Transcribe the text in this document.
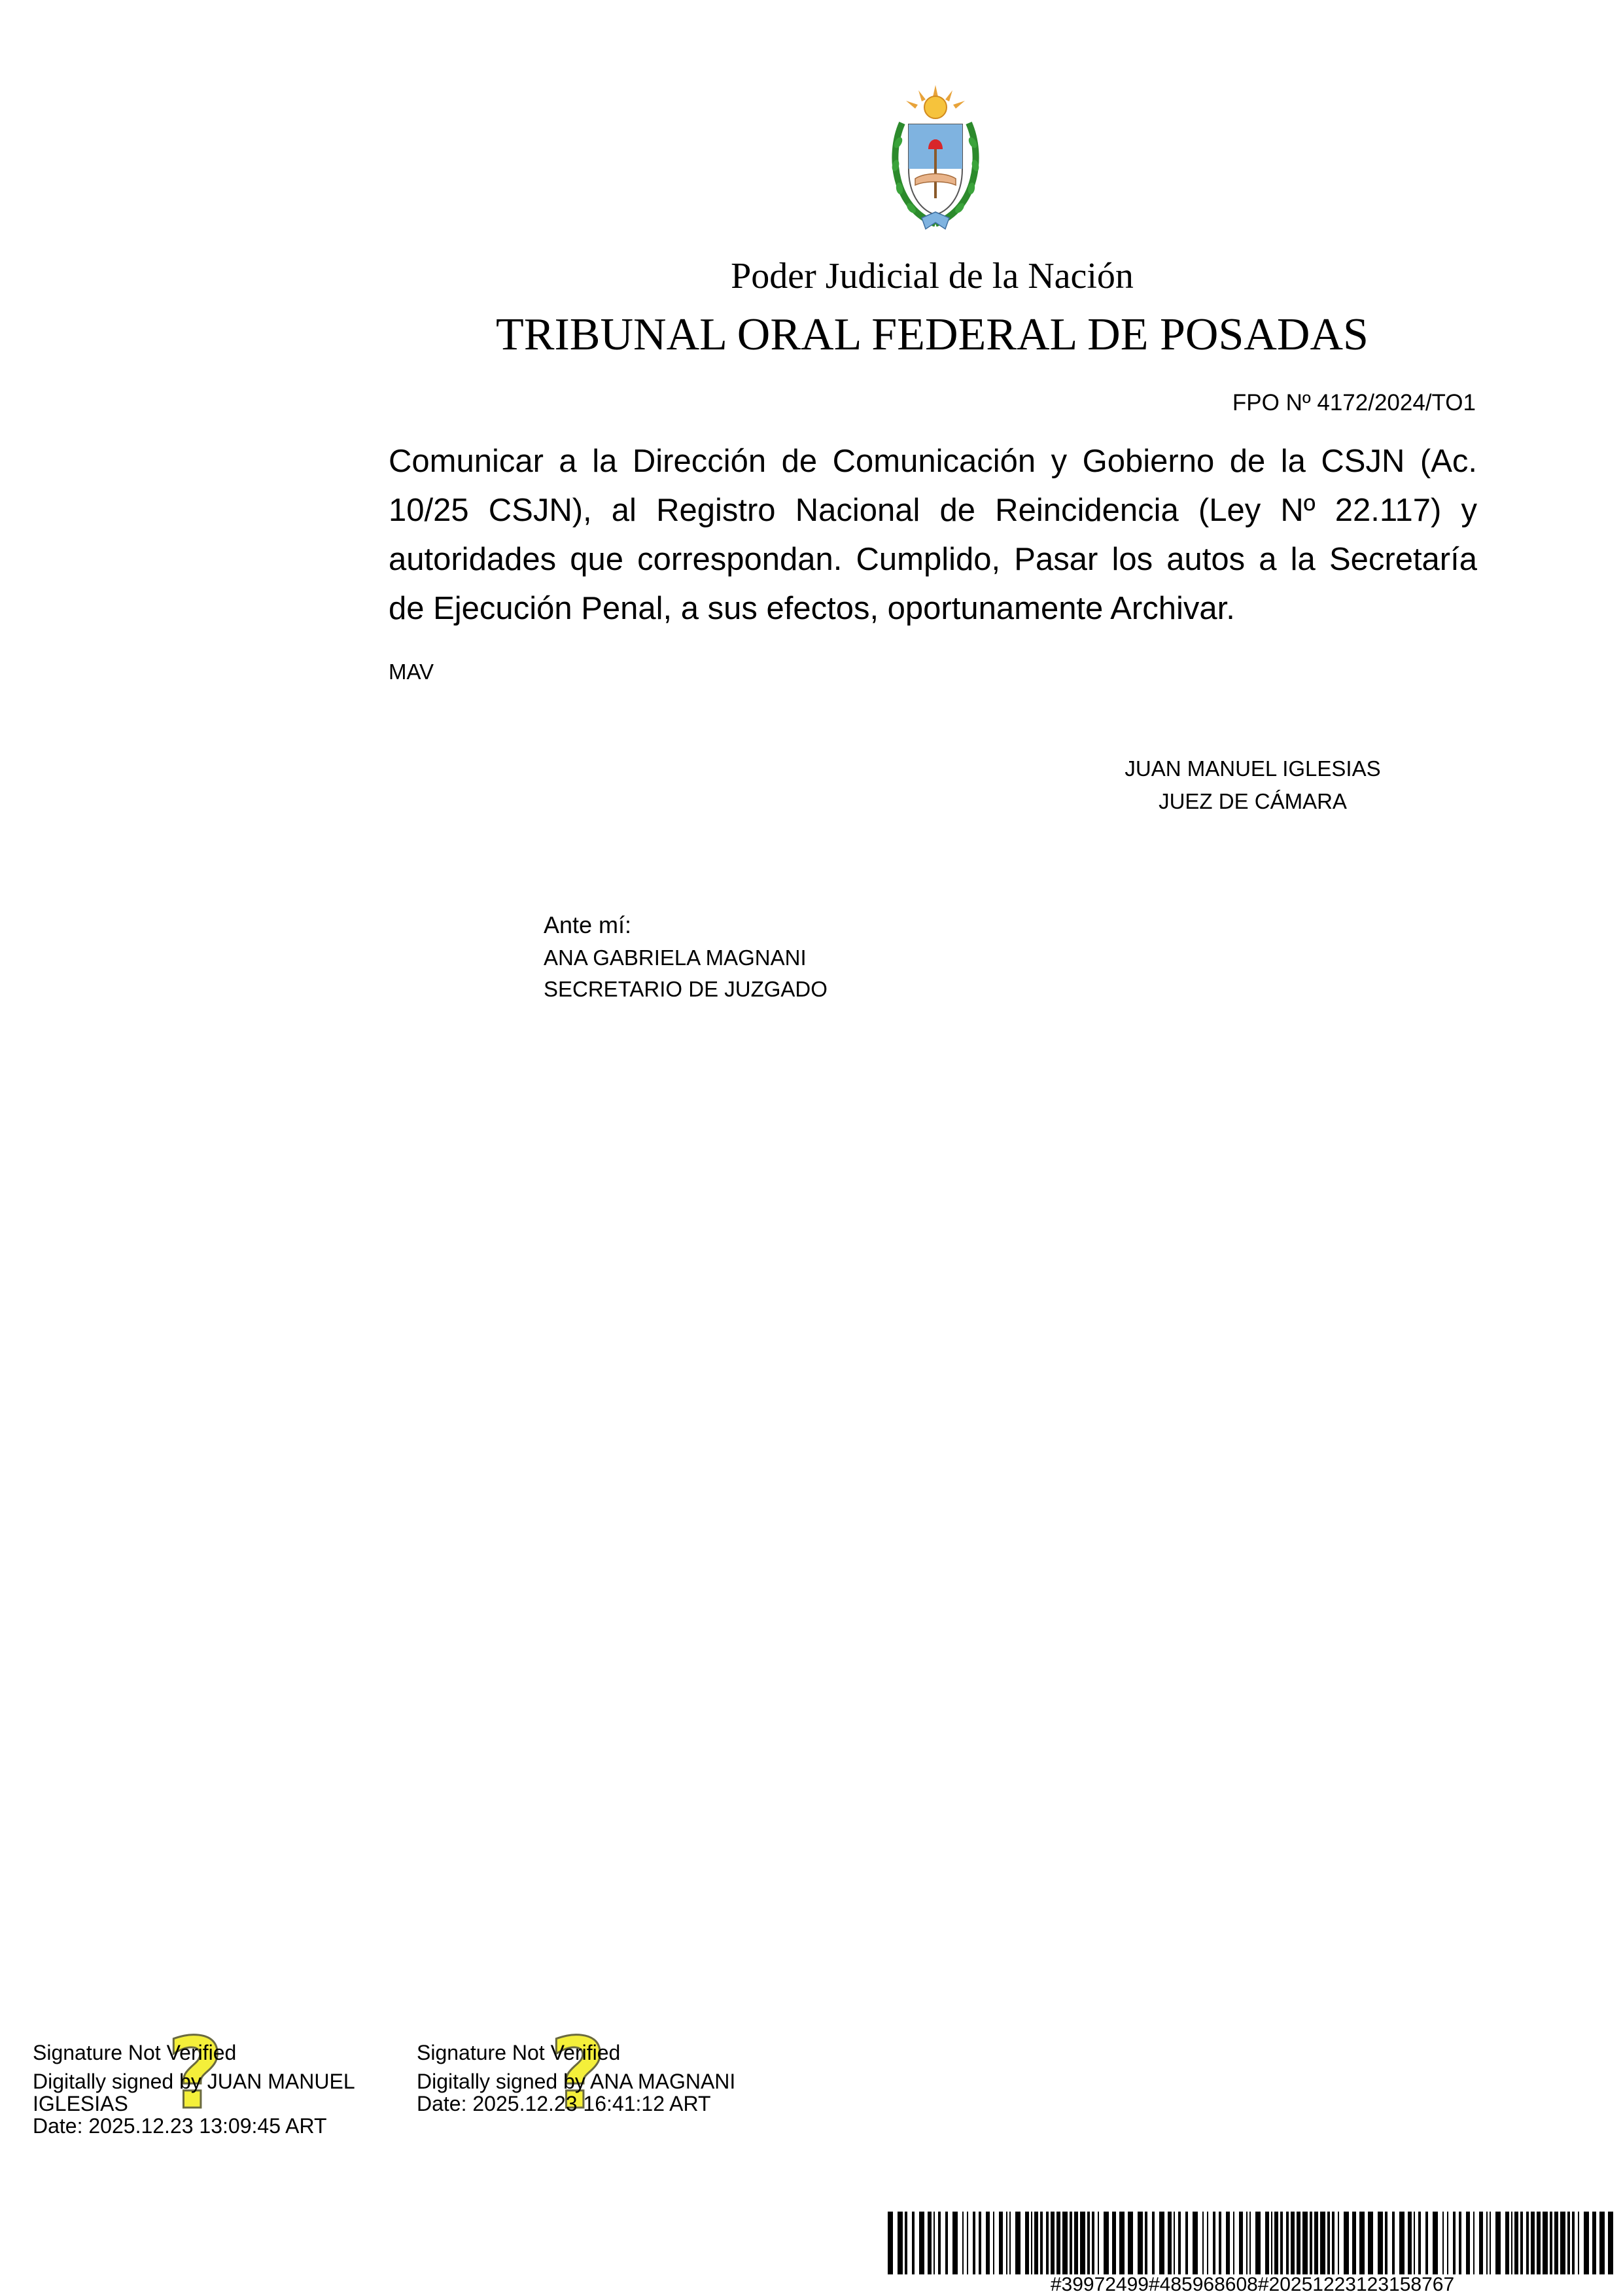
Poder Judicial de la Nación
TRIBUNAL ORAL FEDERAL DE POSADAS
FPO Nº 4172/2024/TO1
Comunicar a la Dirección de Comunicación y Gobierno de la CSJN (Ac. 10/25 CSJN), al Registro Nacional de Reincidencia (Ley Nº 22.117) y autoridades que correspondan. Cumplido, Pasar los autos a la Secretaría de Ejecución Penal, a sus efectos, oportunamente Archivar.
MAV
JUAN MANUEL IGLESIAS
JUEZ DE CÁMARA
Ante mí:
ANA GABRIELA MAGNANI
SECRETARIO DE JUZGADO
?
Signature Not Verified
Digitally signed by JUAN MANUEL
IGLESIAS
Date: 2025.12.23 13:09:45 ART ?
Signature Not Verified
Digitally signed by ANA MAGNANI
Date: 2025.12.23 16:41:12 ART
#39972499#485968608#20251223123158767
